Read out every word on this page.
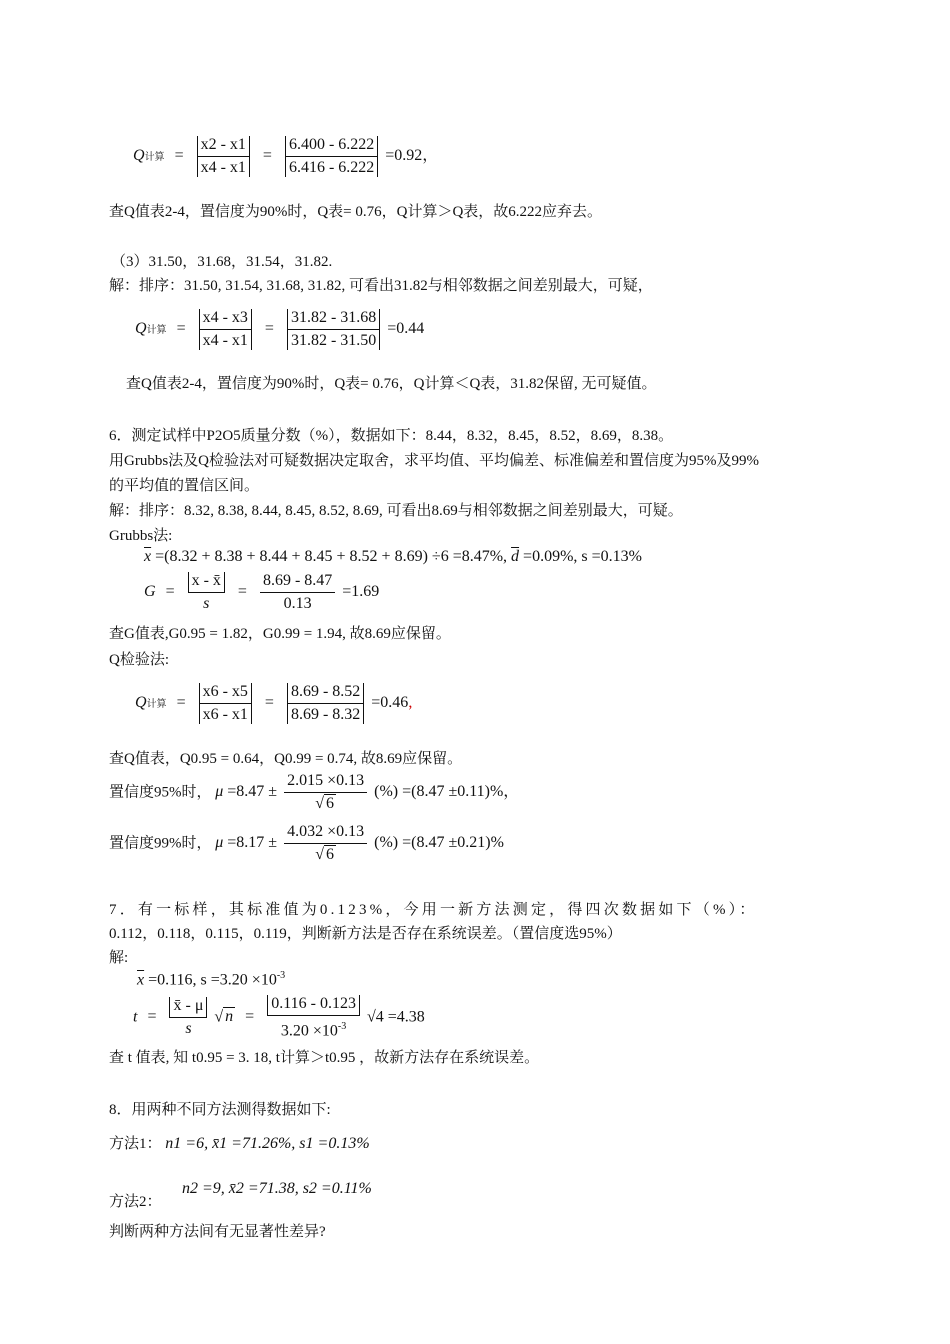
Q计算 = $\frac{x2 - x1}{x4 - x1} = \frac{6.400 - 6.222}{6.416 - 6.222} =0.92$，
查Q值表2-4，置信度为90%时，Q表= 0.76，Q计算＞Q表，故6.222应弃去。
（3）31.50，31.68，31.54，31.82.
解：排序：31.50, 31.54, 31.68, 31.82, 可看出31.82与相邻数据之间差别最大，可疑，
Q计算 = $\frac{x4 - x3}{x4 - x1} = \frac{31.82 - 31.68}{31.82 - 31.50} =0.44$
查Q值表2-4，置信度为90%时，Q表= 0.76，Q计算＜Q表，31.82保留, 无可疑值。
6．测定试样中P2O5质量分数（%），数据如下：8.44，8.32，8.45，8.52，8.69，8.38。
用Grubbs法及Q检验法对可疑数据决定取舍，求平均值、平均偏差、标准偏差和置信度为95%及99%
的平均值的置信区间。
解：排序：8.32, 8.38, 8.44, 8.45, 8.52, 8.69, 可看出8.69与相邻数据之间差别最大，可疑。
Grubbs法:
$\overline{x} =(8.32 + 8.38 + 8.44 + 8.45 + 8.52 + 8.69) \div 6 =8.47\%$, $\overline{d} =0.09\%$, s =0.13%
$G = \frac{x - x̄}{s} = \frac{8.69 - 8.47}{0.13} =1.69$
查G值表,G0.95 = 1.82，G0.99 = 1.94, 故8.69应保留。
Q检验法:
Q计算 = $\frac{x6 - x5}{x6 - x1} = \frac{8.69 - 8.52}{8.69 - 8.32} =0.46$,
查Q值表，Q0.95 = 0.64，Q0.99 = 0.74, 故8.69应保留。
置信度95%时， $\mu =8.47 \pm \frac{2.015 \times 0.13}{√ 6}$ (%) =(8.47 ±0.11)%，
置信度99%时， $\mu =8.17 \pm \frac{4.032 \times 0.13}{√ 6}$ (%) =(8.47 ±0.21)%
7．有一标样，其标准值为0.123%，今用一新方法测定，得四次数据如下（%）：
0.112，0.118，0.115，0.119，判断新方法是否存在系统误差。（置信度选95%）
解:
$\overline{x} =0.116$, $s =3.20 \times 10^{-3}$
$t = \frac{x̄ - \mu}{s}$ √ $n = \frac{0.116 - 0.123}{3.20 \times 10^{-3}} √4 =4.38$
查 t 值表, 知 t0.95 = 3. 18, t计算＞t0.95 ，故新方法存在系统误差。
8．用两种不同方法测得数据如下:
方法1： n1 =6, x̄1 =71.26%, s1 =0.13%
n2 =9, x̄2 =71.38, s2 =0.11%
方法2：
判断两种方法间有无显著性差异?
